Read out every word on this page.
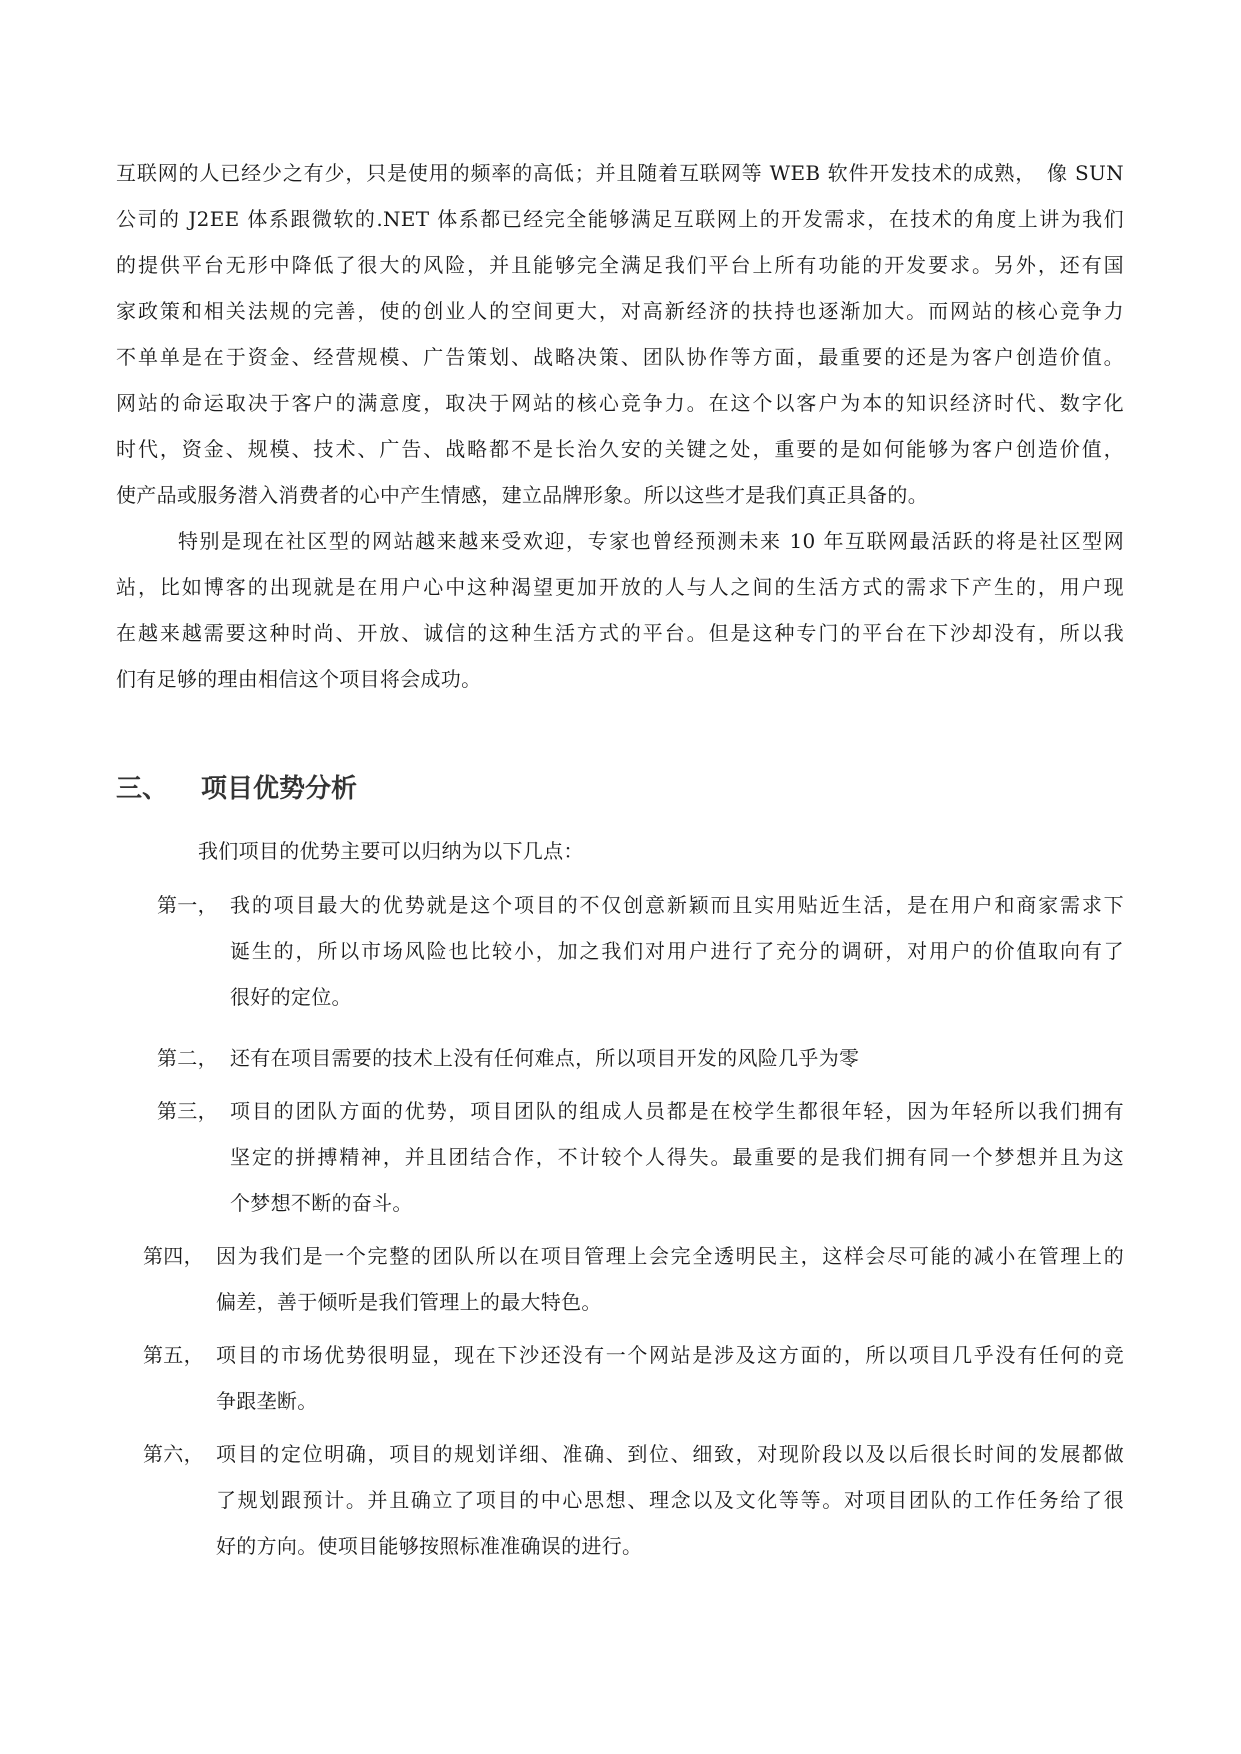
互联网的人已经少之有少，只是使用的频率的高低；并且随着互联网等 WEB 软件开发技术的成熟，　像 SUN
公司的 J2EE 体系跟微软的.NET 体系都已经完全能够满足互联网上的开发需求，在技术的角度上讲为我们
的提供平台无形中降低了很大的风险，并且能够完全满足我们平台上所有功能的开发要求。另外，还有国
家政策和相关法规的完善，使的创业人的空间更大，对高新经济的扶持也逐渐加大。而网站的核心竞争力
不单单是在于资金、经营规模、广告策划、战略决策、团队协作等方面，最重要的还是为客户创造价值。
网站的命运取决于客户的满意度，取决于网站的核心竞争力。在这个以客户为本的知识经济时代、数字化
时代，资金、规模、技术、广告、战略都不是长治久安的关键之处，重要的是如何能够为客户创造价值，
使产品或服务潜入消费者的心中产生情感，建立品牌形象。所以这些才是我们真正具备的。
特别是现在社区型的网站越来越来受欢迎，专家也曾经预测未来 10 年互联网最活跃的将是社区型网
站，比如博客的出现就是在用户心中这种渴望更加开放的人与人之间的生活方式的需求下产生的，用户现
在越来越需要这种时尚、开放、诚信的这种生活方式的平台。但是这种专门的平台在下沙却没有，所以我
们有足够的理由相信这个项目将会成功。
三、 项目优势分析
我们项目的优势主要可以归纳为以下几点：
第一， 我的项目最大的优势就是这个项目的不仅创意新颖而且实用贴近生活，是在用户和商家需求下
诞生的，所以市场风险也比较小，加之我们对用户进行了充分的调研，对用户的价值取向有了
很好的定位。
第二， 还有在项目需要的技术上没有任何难点，所以项目开发的风险几乎为零
第三， 项目的团队方面的优势，项目团队的组成人员都是在校学生都很年轻，因为年轻所以我们拥有
坚定的拼搏精神，并且团结合作，不计较个人得失。最重要的是我们拥有同一个梦想并且为这
个梦想不断的奋斗。
第四， 因为我们是一个完整的团队所以在项目管理上会完全透明民主，这样会尽可能的减小在管理上的
偏差，善于倾听是我们管理上的最大特色。
第五， 项目的市场优势很明显，现在下沙还没有一个网站是涉及这方面的，所以项目几乎没有任何的竞
争跟垄断。
第六， 项目的定位明确，项目的规划详细、准确、到位、细致，对现阶段以及以后很长时间的发展都做
了规划跟预计。并且确立了项目的中心思想、理念以及文化等等。对项目团队的工作任务给了很
好的方向。使项目能够按照标准准确误的进行。
